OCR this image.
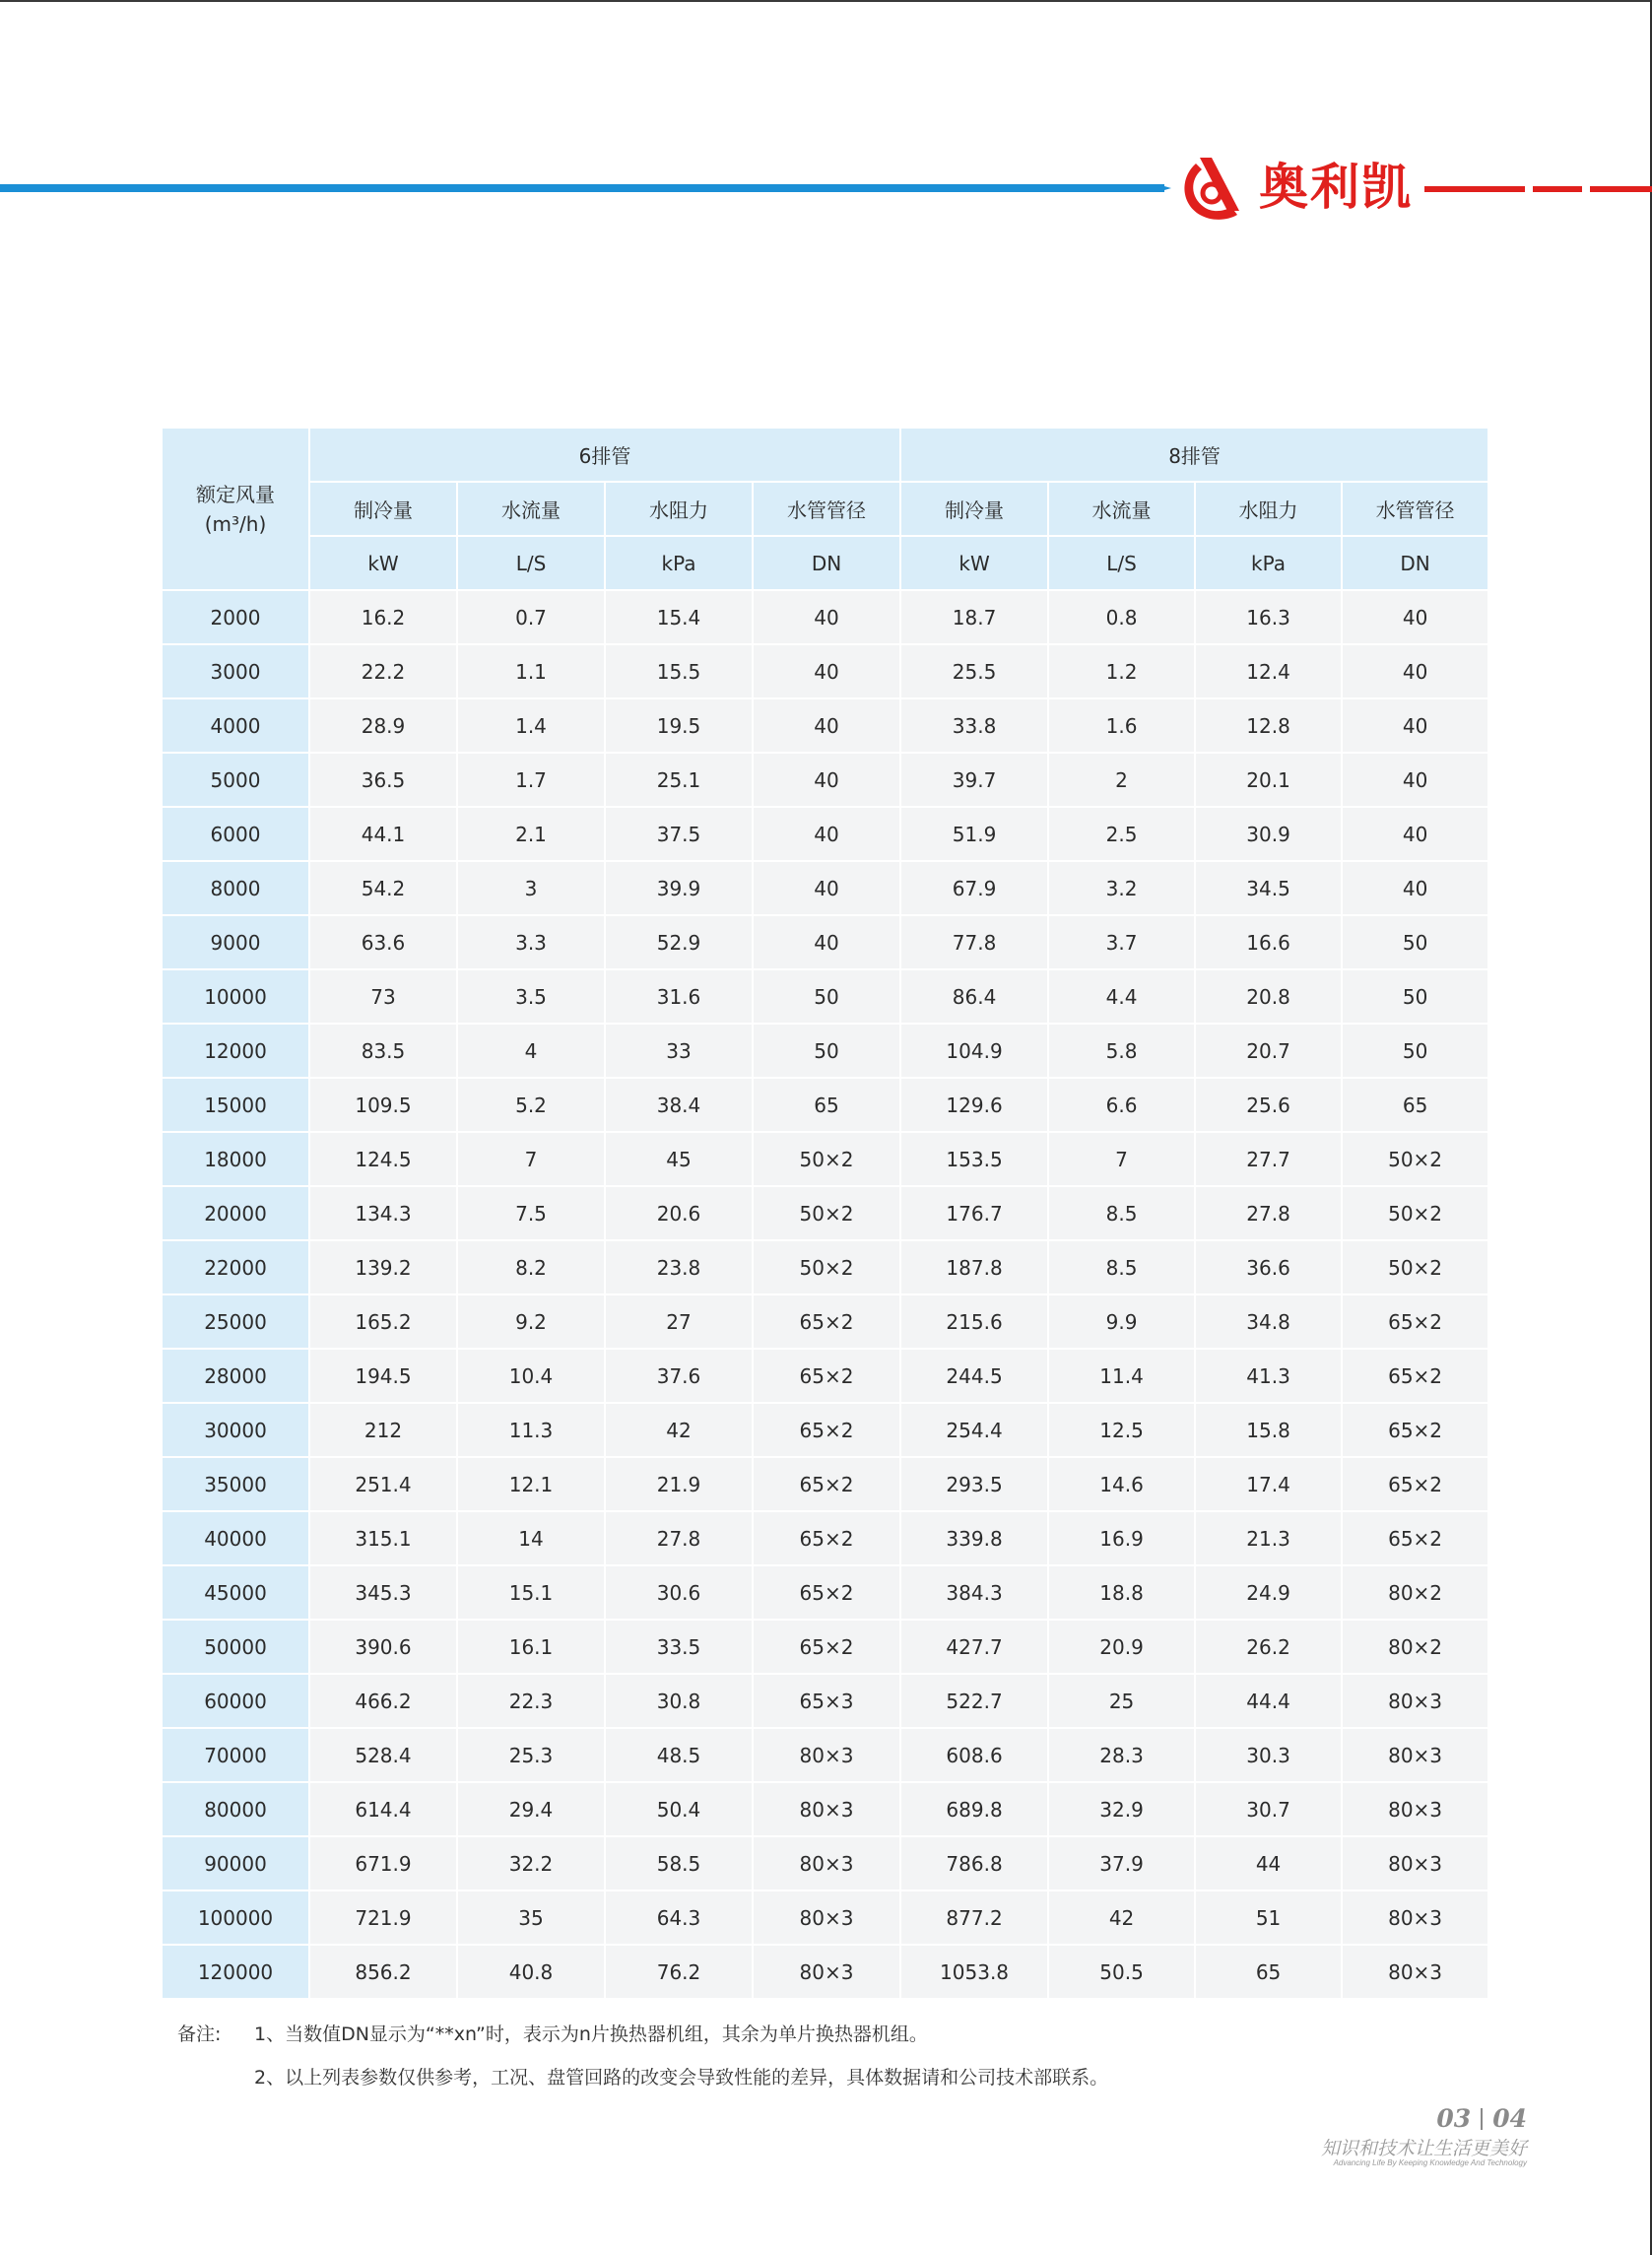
奥利凯
额定风量
(m³/h)	6排管				8排管			
	制冷量	水流量	水阻力	水管管径	制冷量	水流量	水阻力	水管管径
	kW	L/S	kPa	DN	kW	L/S	kPa	DN
2000	16.2	0.7	15.4	40	18.7	0.8	16.3	40
3000	22.2	1.1	15.5	40	25.5	1.2	12.4	40
4000	28.9	1.4	19.5	40	33.8	1.6	12.8	40
5000	36.5	1.7	25.1	40	39.7	2	20.1	40
6000	44.1	2.1	37.5	40	51.9	2.5	30.9	40
8000	54.2	3	39.9	40	67.9	3.2	34.5	40
9000	63.6	3.3	52.9	40	77.8	3.7	16.6	50
10000	73	3.5	31.6	50	86.4	4.4	20.8	50
12000	83.5	4	33	50	104.9	5.8	20.7	50
15000	109.5	5.2	38.4	65	129.6	6.6	25.6	65
18000	124.5	7	45	50×2	153.5	7	27.7	50×2
20000	134.3	7.5	20.6	50×2	176.7	8.5	27.8	50×2
22000	139.2	8.2	23.8	50×2	187.8	8.5	36.6	50×2
25000	165.2	9.2	27	65×2	215.6	9.9	34.8	65×2
28000	194.5	10.4	37.6	65×2	244.5	11.4	41.3	65×2
30000	212	11.3	42	65×2	254.4	12.5	15.8	65×2
35000	251.4	12.1	21.9	65×2	293.5	14.6	17.4	65×2
40000	315.1	14	27.8	65×2	339.8	16.9	21.3	65×2
45000	345.3	15.1	30.6	65×2	384.3	18.8	24.9	80×2
50000	390.6	16.1	33.5	65×2	427.7	20.9	26.2	80×2
60000	466.2	22.3	30.8	65×3	522.7	25	44.4	80×3
70000	528.4	25.3	48.5	80×3	608.6	28.3	30.3	80×3
80000	614.4	29.4	50.4	80×3	689.8	32.9	30.7	80×3
90000	671.9	32.2	58.5	80×3	786.8	37.9	44	80×3
100000	721.9	35	64.3	80×3	877.2	42	51	80×3
120000	856.2	40.8	76.2	80×3	1053.8	50.5	65	80×3
备注:	1、当数值DN显示为“**xn”时，表示为n片换热器机组，其余为单片换热器机组。
2、以上列表参数仅供参考，工况、盘管回路的改变会导致性能的差异，具体数据请和公司技术部联系。
03 04
知识和技术让生活更美好
Advancing Life By Keeping Knowledge And Technology
